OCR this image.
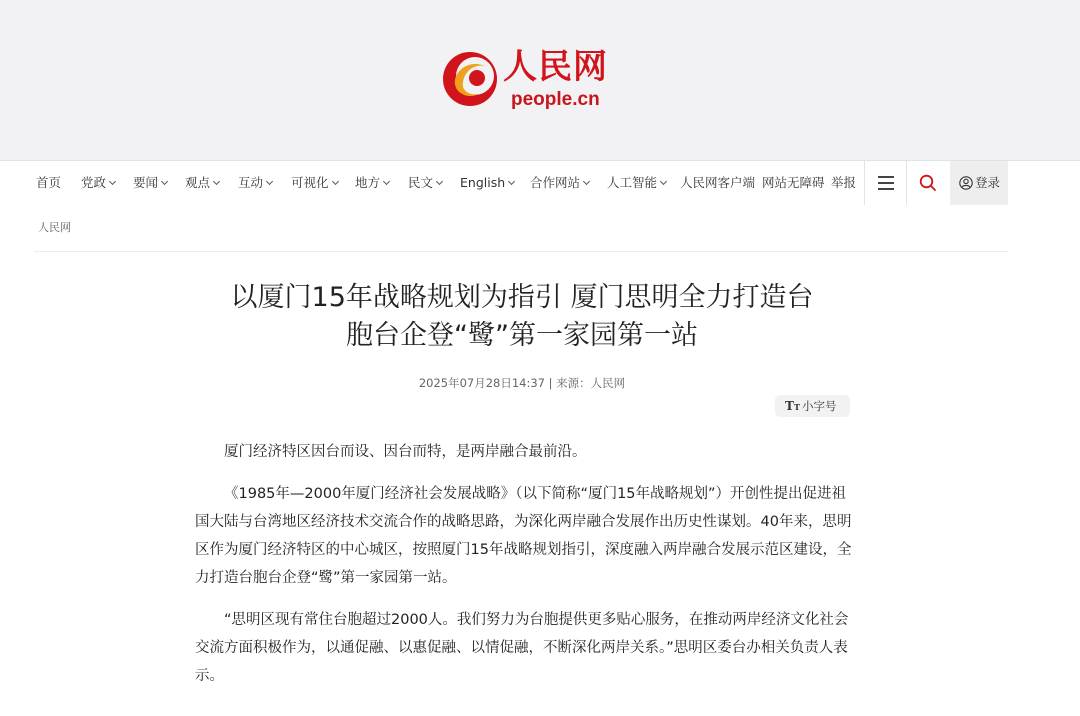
人民网
people.cn
首页 党政	要闻	观点	互动	可视化	地方	民文	English	合作网站	人工智能	人民网客户端 网站无障碍 举报	登录
人民网
以厦门15年战略规划为指引 厦门思明全力打造台
胞台企登“鹭”第一家园第一站
2025年07月28日14:37 | 来源：人民网
TT 小字号

厦门经济特区因台而设、因台而特，是两岸融合最前沿。

《1985年—2000年厦门经济社会发展战略》（以下简称“厦门15年战略规划”）开创性提出促进祖国大陆与台湾地区经济技术交流合作的战略思路，为深化两岸融合发展作出历史性谋划。40年来，思明区作为厦门经济特区的中心城区，按照厦门15年战略规划指引，深度融入两岸融合发展示范区建设，全力打造台胞台企登“鹭”第一家园第一站。

“思明区现有常住台胞超过2000人。我们努力为台胞提供更多贴心服务，在推动两岸经济文化社会交流方面积极作为，以通促融、以惠促融、以情促融，不断深化两岸关系。”思明区委台办相关负责人表示。
